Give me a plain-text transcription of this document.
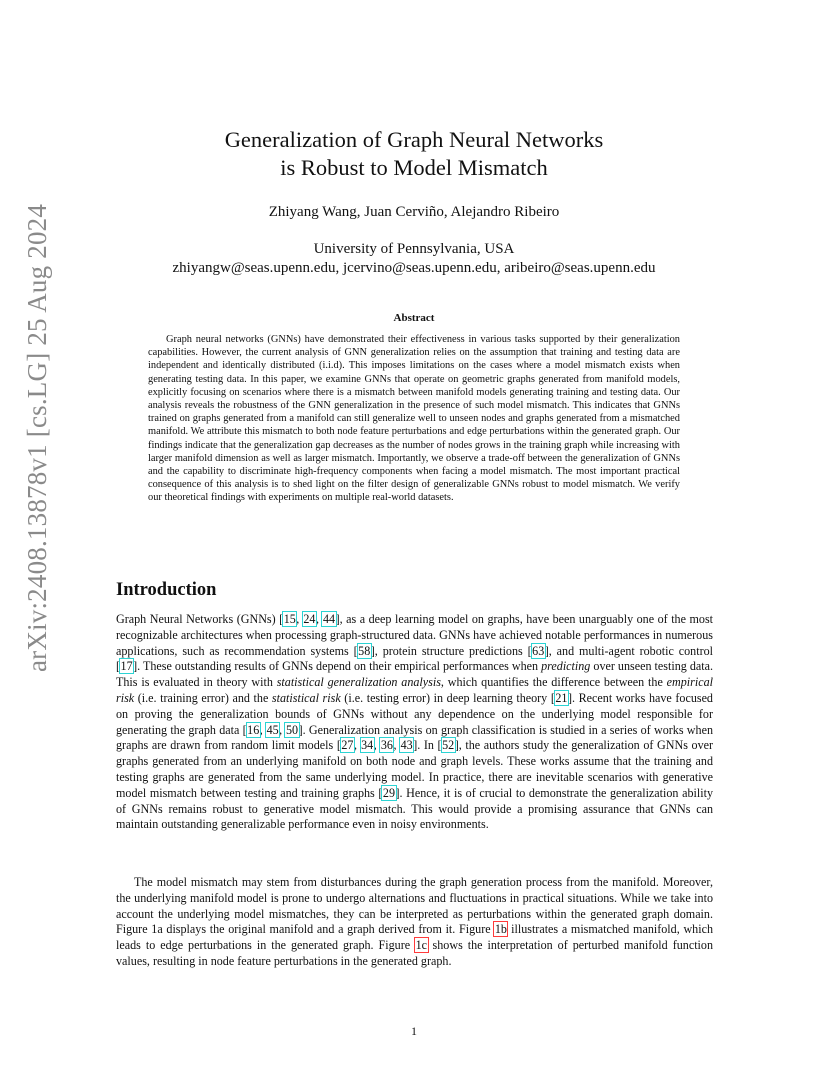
arXiv:2408.13878v1 [cs.LG] 25 Aug 2024
Generalization of Graph Neural Networks
is Robust to Model Mismatch
Zhiyang Wang, Juan Cerviño, Alejandro Ribeiro
University of Pennsylvania, USA
zhiyangw@seas.upenn.edu, jcervino@seas.upenn.edu, aribeiro@seas.upenn.edu
Abstract

Graph neural networks (GNNs) have demonstrated their effectiveness in various tasks supported by their generalization capabilities. However, the current analysis of GNN generalization relies on the assumption that training and testing data are independent and identically distributed (i.i.d). This imposes limitations on the cases where a model mismatch exists when generating testing data. In this paper, we examine GNNs that operate on geometric graphs generated from manifold models, explicitly focusing on scenarios where there is a mismatch between manifold models generating training and testing data. Our analysis reveals the robustness of the GNN generalization in the presence of such model mismatch. This indicates that GNNs trained on graphs generated from a manifold can still generalize well to unseen nodes and graphs generated from a mismatched manifold. We attribute this mismatch to both node feature perturbations and edge perturbations within the generated graph. Our findings indicate that the generalization gap decreases as the number of nodes grows in the training graph while increasing with larger manifold dimension as well as larger mismatch. Importantly, we observe a trade-off between the generalization of GNNs and the capability to discriminate high-frequency components when facing a model mismatch. The most important practical consequence of this analysis is to shed light on the filter design of generalizable GNNs robust to model mismatch. We verify our theoretical findings with experiments on multiple real-world datasets.

Introduction

Graph Neural Networks (GNNs) [15, 24, 44], as a deep learning model on graphs, have been unarguably one of the most recognizable architectures when processing graph-structured data. GNNs have achieved notable performances in numerous applications, such as recommendation systems [58], protein structure predictions [63], and multi-agent robotic control [17]. These outstanding results of GNNs depend on their empirical performances when predicting over unseen testing data. This is evaluated in theory with statistical generalization analysis, which quantifies the difference between the empirical risk (i.e. training error) and the statistical risk (i.e. testing error) in deep learning theory [21]. Recent works have focused on proving the generalization bounds of GNNs without any dependence on the underlying model responsible for generating the graph data [16, 45, 50]. Generalization analysis on graph classification is studied in a series of works when graphs are drawn from random limit models [27, 34, 36, 43]. In [52], the authors study the generalization of GNNs over graphs generated from an underlying manifold on both node and graph levels. These works assume that the training and testing graphs are generated from the same underlying model. In practice, there are inevitable scenarios with generative model mismatch between testing and training graphs [29]. Hence, it is of crucial to demonstrate the generalization ability of GNNs remains robust to generative model mismatch. This would provide a promising assurance that GNNs can maintain outstanding generalizable performance even in noisy environments.

The model mismatch may stem from disturbances during the graph generation process from the manifold. Moreover, the underlying manifold model is prone to undergo alternations and fluctuations in practical situations. While we take into account the underlying model mismatches, they can be interpreted as perturbations within the generated graph domain. Figure 1a displays the original manifold and a graph derived from it. Figure 1b illustrates a mismatched manifold, which leads to edge perturbations in the generated graph. Figure 1c shows the interpretation of perturbed manifold function values, resulting in node feature perturbations in the generated graph.

1
